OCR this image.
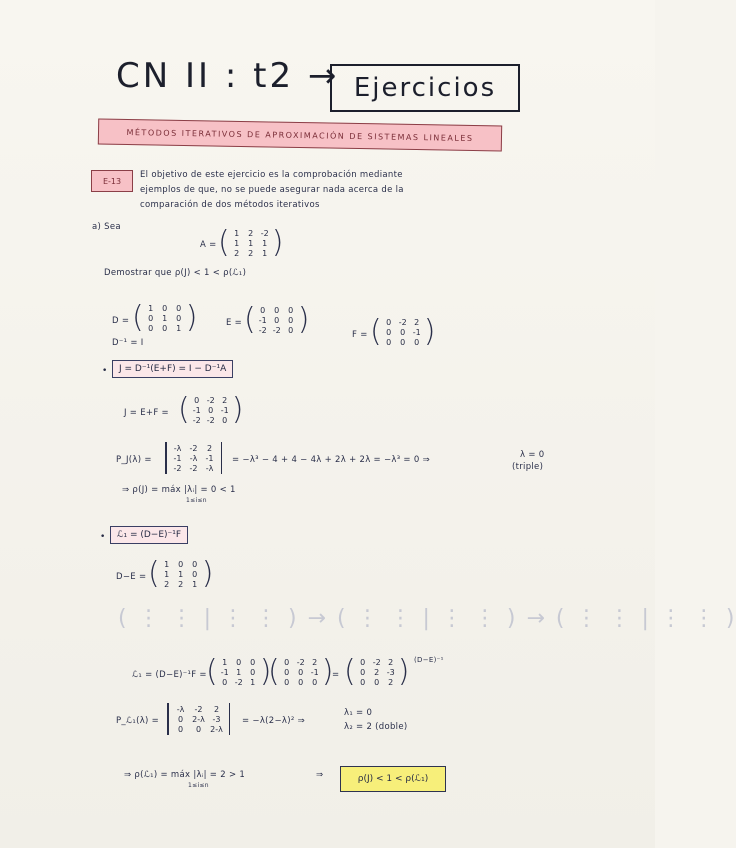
CN II : t2 → Ejercicios
MÉTODOS ITERATIVOS DE APROXIMACIÓN DE SISTEMAS LINEALES
E-13
El objetivo de este ejercicio es la comprobación mediante
ejemplos de que, no se puede asegurar nada acerca de la
comparación de dos métodos iterativos
a) Sea
A = ( 1	2 -2
1	1	1
2	2	1 )
Demostrar que ρ(J) < 1 < ρ(ℒ₁)
D = ( 1	0	0
0	1	0
0	0	1 )
D⁻¹ = I
E = ( 0	0	0
-1 0	0
-2 -2 0 )	F = ( 0 -2 2
0	0 -1
0	0	0 )
•	J = D⁻¹(E+F) = I − D⁻¹A
J = E+F = ( 0 -2 2
-1 0 -1
-2 -2 0 )
P_J(λ) =
-λ	-2	2
-1	-λ	-1
-2	-2	-λ
= −λ³ − 4 + 4 − 4λ + 2λ + 2λ = −λ³ = 0 ⇒	λ = 0
(triple)
⇒ ρ(J) = máx |λᵢ| = 0 < 1
1≤i≤n
•	ℒ₁ = (D−E)⁻¹F
D−E = ( 1	0	0
1	1	0
2	2	1 )
( ⋮ ⋮ | ⋮ ⋮ ) → ( ⋮ ⋮ | ⋮ ⋮ ) → ( ⋮ ⋮ | ⋮ ⋮ )
(D−E)⁻¹
ℒ₁ = (D−E)⁻¹F = ( 1	0	0
-1 1	0
0 -2 1 )
( 0 -2 2
0	0 -1
0	0	0 )
= ( 0 -2 2
0	2 -3
0	0	2 )
P_ℒ₁(λ) =
-λ	-2	2
0	2-λ -3
0	0	2-λ
= −λ(2−λ)² ⇒
λ₁ = 0
λ₂ = 2 (doble)
⇒ ρ(ℒ₁) = máx |λᵢ| = 2 > 1
1≤i≤n
⇒	ρ(J) < 1 < ρ(ℒ₁)
